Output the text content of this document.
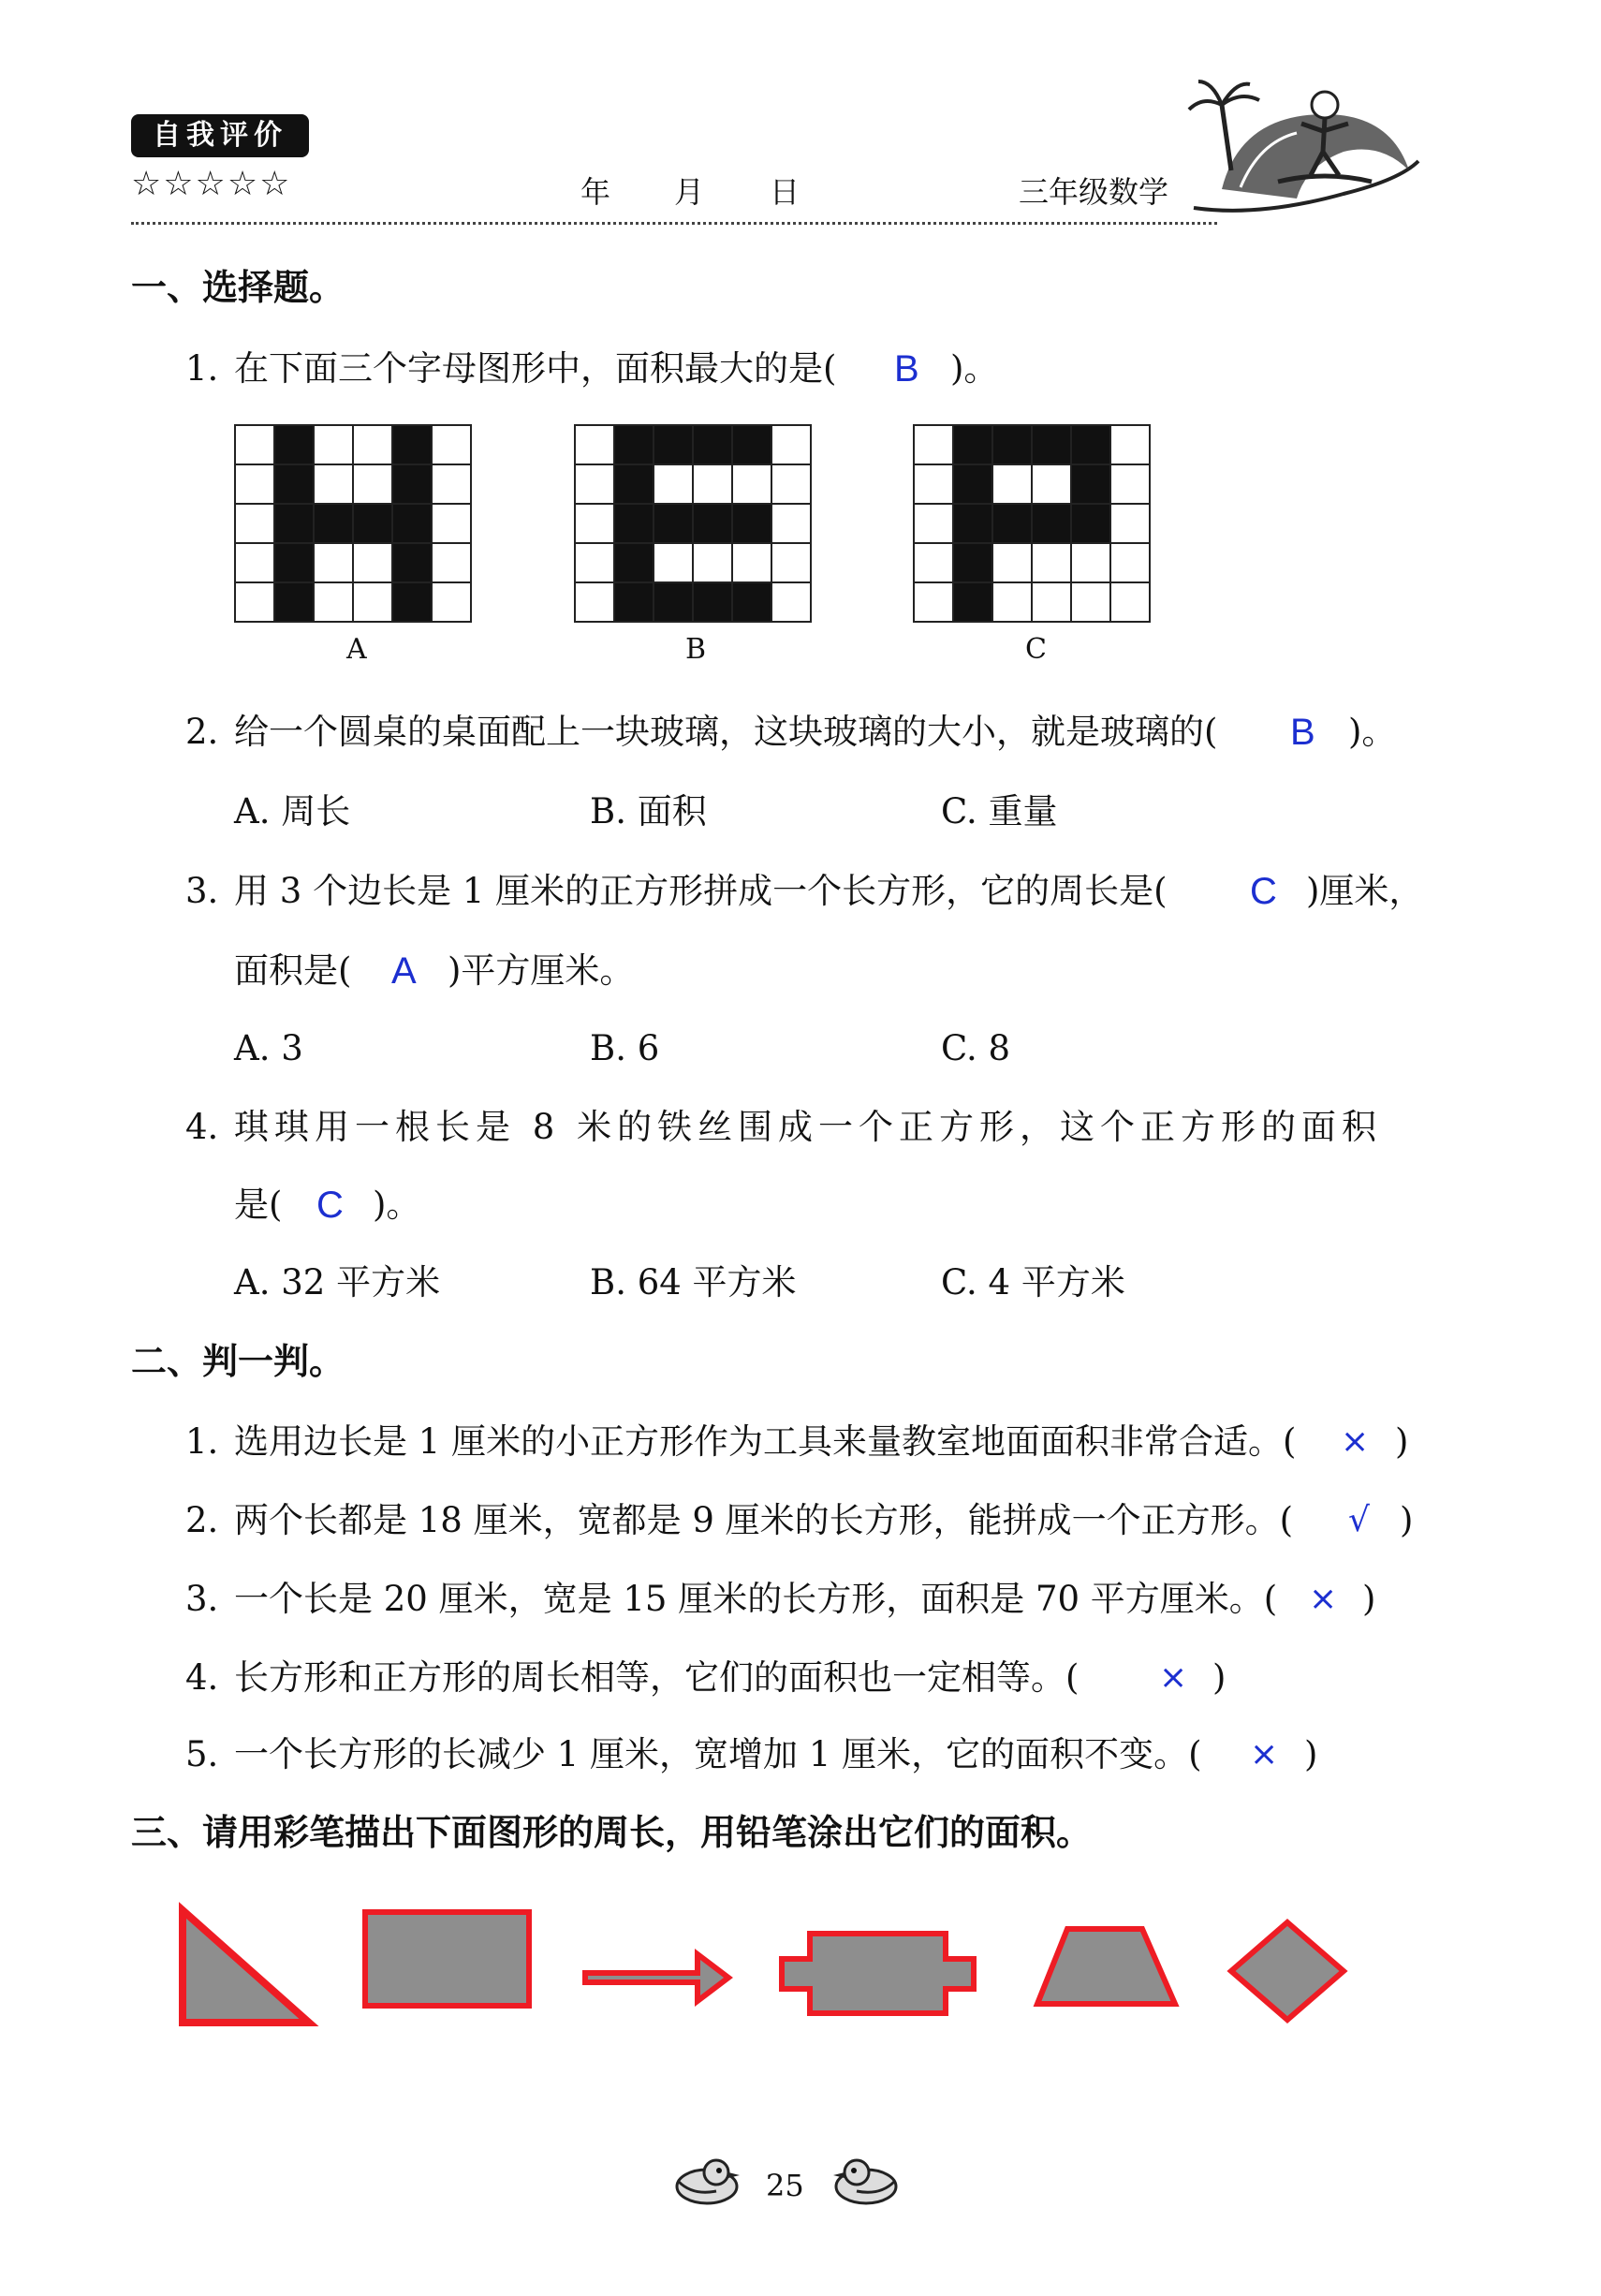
自我评价
☆☆☆☆☆	年 月 日	三年级数学
一、选择题。
1. 在下面三个字母图形中，面积最大的是( B )。

A	B	C
2. 给一个圆桌的桌面配上一块玻璃，这块玻璃的大小，就是玻璃的( B )。
A. 周长	B. 面积	C. 重量
3. 用 3 个边长是 1 厘米的正方形拼成一个长方形，它的周长是( C )厘米，
面积是( A )平方厘米。
A. 3	B. 6	C. 8
4. 琪琪用一根长是 8 米的铁丝围成一个正方形，这个正方形的面积
是( C )。
A. 32 平方米	B. 64 平方米	C. 4 平方米
二、判一判。
1. 选用边长是 1 厘米的小正方形作为工具来量教室地面面积非常合适。( × )
2. 两个长都是 18 厘米，宽都是 9 厘米的长方形，能拼成一个正方形。( √ )
3. 一个长是 20 厘米，宽是 15 厘米的长方形，面积是 70 平方厘米。( × )
4. 长方形和正方形的周长相等，它们的面积也一定相等。( × )
5. 一个长方形的长减少 1 厘米，宽增加 1 厘米，它的面积不变。( × )
三、请用彩笔描出下面图形的周长，用铅笔涂出它们的面积。
25
